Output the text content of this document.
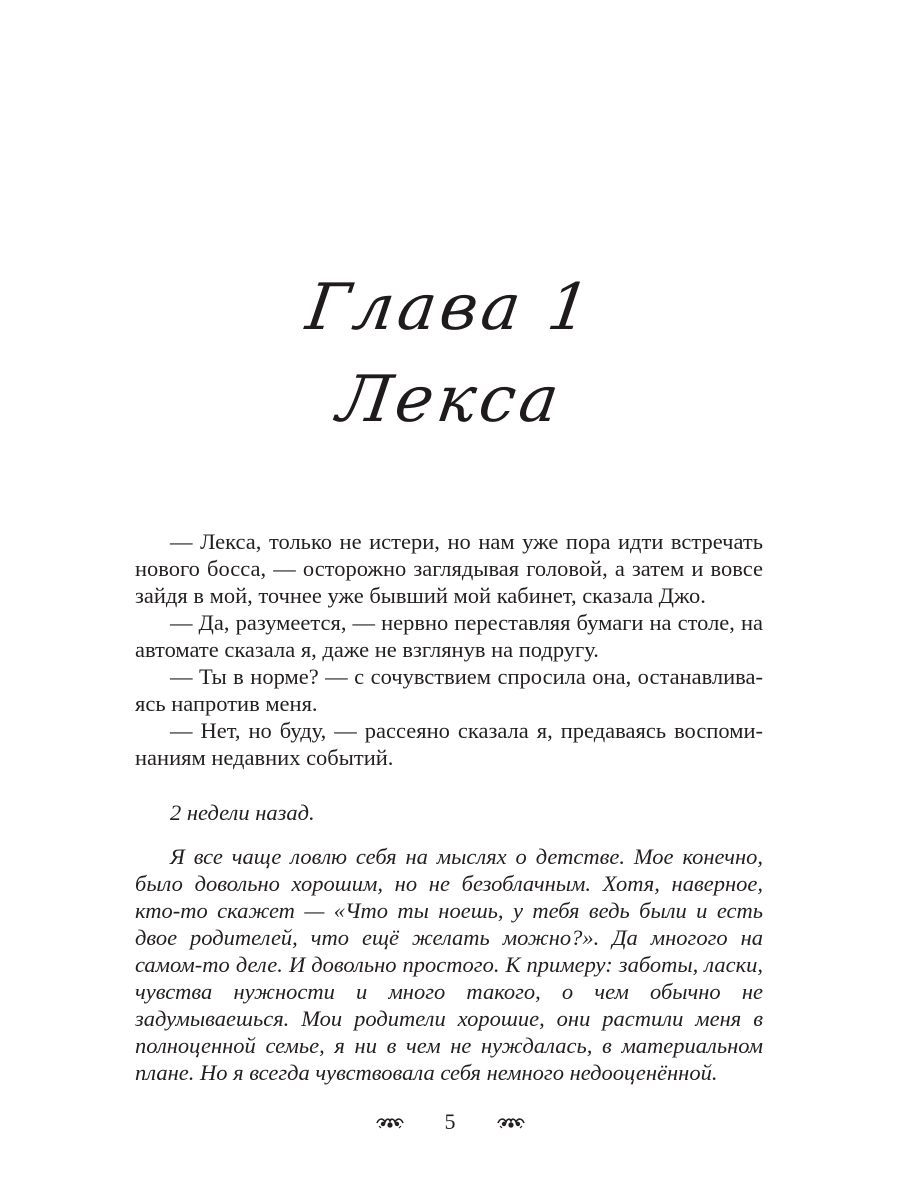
Глава 1
Лекса

— Лекса, только не истери, но нам уже пора идти встречать нового босса, — осторожно заглядывая головой, а затем и вовсе зайдя в мой, точнее уже бывший мой кабинет, сказала Джо.

— Да, разумеется, — нервно переставляя бумаги на столе, на автомате сказала я, даже не взглянув на подругу.

— Ты в норме? — с сочувствием спросила она, останавливаясь напротив меня.

— Нет, но буду, — рассеяно сказала я, предаваясь воспоминаниям недавних событий.

2 недели назад.

Я все чаще ловлю себя на мыслях о детстве. Мое конечно, было довольно хорошим, но не безоблачным. Хотя, наверное, кто-то скажет — «Что ты ноешь, у тебя ведь были и есть двое родителей, что ещё желать можно?». Да многого на самом-то деле. И довольно простого. К примеру: заботы, ласки, чувства нужности и много такого, о чем обычно не задумываешься. Мои родители хорошие, они растили меня в полноценной семье, я ни в чем не нуждалась, в материальном плане. Но я всегда чувствовала себя немного недооценённой.

5
